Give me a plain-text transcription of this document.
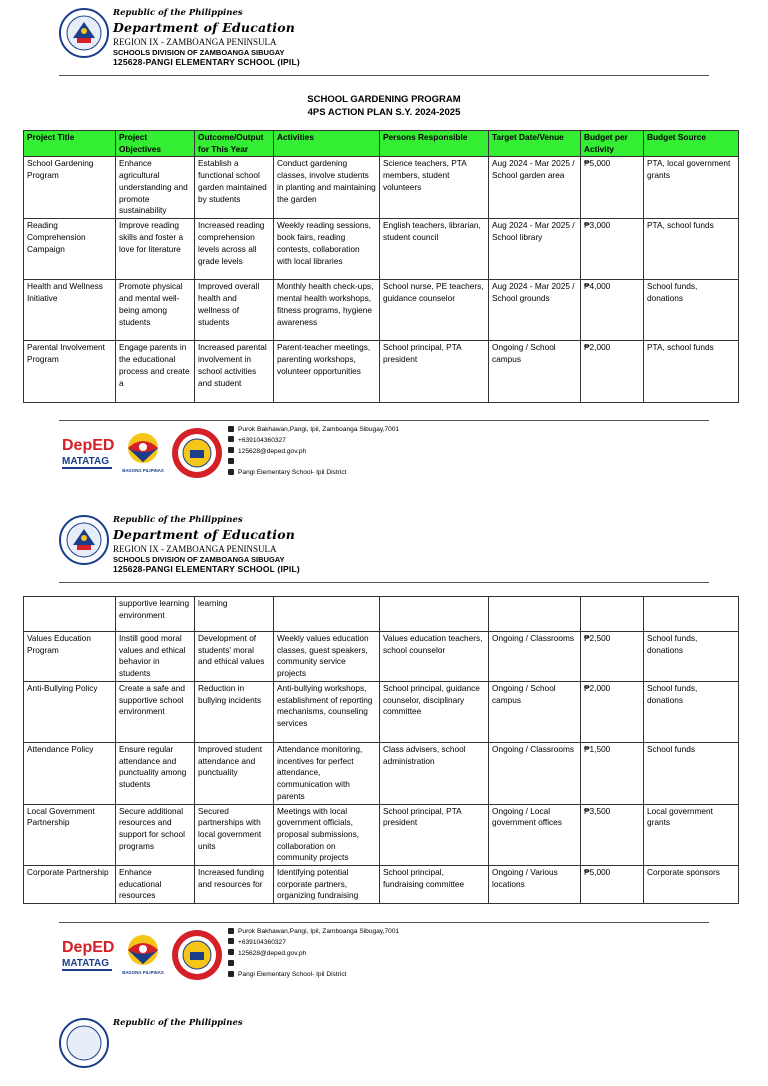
Republic of the Philippines
Department of Education
REGION IX - ZAMBOANGA PENINSULA
SCHOOLS DIVISION OF ZAMBOANGA SIBUGAY
125628-PANGI ELEMENTARY SCHOOL (IPIL)
SCHOOL GARDENING PROGRAM
4PS ACTION PLAN S.Y. 2024-2025
Project Title	Project Objectives	Outcome/Output for This Year	Activities	Persons Responsible	Target Date/Venue	Budget per Activity	Budget Source
School Gardening Program	Enhance agricultural understanding and promote sustainability	Establish a functional school garden maintained by students	Conduct gardening classes, involve students in planting and maintaining the garden	Science teachers, PTA members, student volunteers	Aug 2024 - Mar 2025 / School garden area	₱5,000	PTA, local government grants
Reading Comprehension Campaign	Improve reading skills and foster a love for literature	Increased reading comprehension levels across all grade levels	Weekly reading sessions, book fairs, reading contests, collaboration with local libraries	English teachers, librarian, student council	Aug 2024 - Mar 2025 / School library	₱3,000	PTA, school funds
Health and Wellness Initiative	Promote physical and mental well-being among students	Improved overall health and wellness of students	Monthly health check-ups, mental health workshops, fitness programs, hygiene awareness	School nurse, PE teachers, guidance counselor	Aug 2024 - Mar 2025 / School grounds	₱4,000	School funds, donations
Parental Involvement Program	Engage parents in the educational process and create a	Increased parental involvement in school activities and student	Parent-teacher meetings, parenting workshops, volunteer opportunities	School principal, PTA president	Ongoing / School campus	₱2,000	PTA, school funds
DepED
MATATAG
BAGONG PILIPINAS
Purok Bakhawan,Pangi, Ipil, Zamboanga Sibugay,7001
+639104360327
125628@deped.gov.ph
Pangi Elementary School- Ipil District
Republic of the Philippines
Department of Education
REGION IX - ZAMBOANGA PENINSULA
SCHOOLS DIVISION OF ZAMBOANGA SIBUGAY
125628-PANGI ELEMENTARY SCHOOL (IPIL)
	supportive learning environment	learning					
Values Education Program	Instill good moral values and ethical behavior in students	Development of students' moral and ethical values	Weekly values education classes, guest speakers, community service projects	Values education teachers, school counselor	Ongoing / Classrooms	₱2,500	School funds, donations
Anti-Bullying Policy	Create a safe and supportive school environment	Reduction in bullying incidents	Anti-bullying workshops, establishment of reporting mechanisms, counseling services	School principal, guidance counselor, disciplinary committee	Ongoing / School campus	₱2,000	School funds, donations
Attendance Policy	Ensure regular attendance and punctuality among students	Improved student attendance and punctuality	Attendance monitoring, incentives for perfect attendance, communication with parents	Class advisers, school administration	Ongoing / Classrooms	₱1,500	School funds
Local Government Partnership	Secure additional resources and support for school programs	Secured partnerships with local government units	Meetings with local government officials, proposal submissions, collaboration on community projects	School principal, PTA president	Ongoing / Local government offices	₱3,500	Local government grants
Corporate Partnership	Enhance educational resources	Increased funding and resources for	Identifying potential corporate partners, organizing fundraising	School principal, fundraising committee	Ongoing / Various locations	₱5,000	Corporate sponsors
DepED
MATATAG
BAGONG PILIPINAS
Purok Bakhawan,Pangi, Ipil, Zamboanga Sibugay,7001
+639104360327
125628@deped.gov.ph
Pangi Elementary School- Ipil District
Republic of the Philippines
